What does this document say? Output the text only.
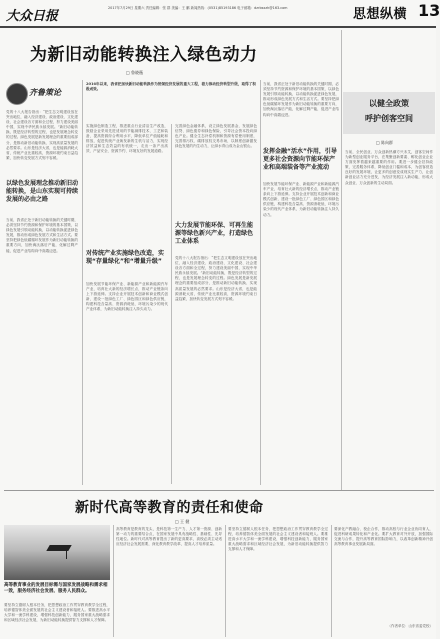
大众日报
2017年7月29日 星期六 责任编辑：张 群 美编：王 鹏 新闻热线：(0531)85193186 电子邮箱：dzrbsxzh@163.com	思想纵横 13
为新旧动能转换注入绿色动力
□ 鲁晓薇
齐鲁策论
党的十八大报告指出：“把生态文明建设放在突出地位，融入经济建设、政治建设、文化建设、社会建设各方面和全过程，努力建设美丽中国，实现中华民族永续发展。”新旧动能转换，既是经济转型的过程，也是发展理念转变的过程。绿色发展是新发展理念的重要组成部分，是推动新旧动能转换、实现高质量发展的必然要求。山东是经济大省，也是能源消耗大省，传统产业比重较高，资源环境约束日益趋紧，加快转变发展方式刻不容缓。
以绿色发展理念推动新旧动能转换，是山东实现可持续发展的必由之路
当前，我省正处于新旧动能转换的关键时期，必须坚持节约资源和保护环境的基本国策，以绿色发展引领动能转换，以动能转换促进绿色发展，推动形成绿色发展方式和生活方式。要坚持把绿色低碳循环发展作为新旧动能转换的重要方向，加快淘汰落后产能，化解过剩产能，促进产业结构向中高端迈进。
2016年以来，我省把加快新旧动能转换作为统领经济发展的重大工程，着力推动经济转型升级，取得了积极成效。
实施绿色制造工程，推进重点行业清洁生产改造，鼓励企业采用先进适用的节能减排技术、工艺和装备，提高资源综合利用水平，降低单位产值能耗和排放，促进传统产业焕发新的生机与活力，实现经济效益和生态效益的有机统一，走出一条产出高效、产品安全、资源节约、环境友好的发展道路。
对传统产业实施绿色改造，实现“存量绿化”和“增量升级”
加快发展节能环保产业、新能源产业和新能源汽车产业，培育壮大新的经济增长点，推动产业链条向上下游延伸。支持企业开展技术创新和商业模式创新，建设一批绿色工厂、绿色园区和绿色供应链，构建科技含量高、资源消耗低、环境污染少的现代产业体系，为新旧动能转换注入持久动力。
完善绿色金融体系，设立绿色发展基金，发展绿色信贷、绿色债券和绿色保险，引导社会资本投向绿色产业。健全生态补偿机制和资源有偿使用制度，完善排污权、碳排放权交易市场，以制度创新激发绿色发展的内生动力，让绿水青山成为金山银山。
大力发展节能环保、可再生能源等绿色新兴产业，打造绿色工业体系
党的十八大报告指出：“把生态文明建设放在突出地位，融入经济建设、政治建设、文化建设、社会建设各方面和全过程，努力建设美丽中国，实现中华民族永续发展。”新旧动能转换，既是经济转型的过程，也是发展理念转变的过程。绿色发展是新发展理念的重要组成部分，是推动新旧动能转换、实现高质量发展的必然要求。山东是经济大省，也是能源消耗大省，传统产业比重较高，资源环境约束日益趋紧，加快转变发展方式刻不容缓。
当前，我省正处于新旧动能转换的关键时期，必须坚持节约资源和保护环境的基本国策，以绿色发展引领动能转换，以动能转换促进绿色发展，推动形成绿色发展方式和生活方式。要坚持把绿色低碳循环发展作为新旧动能转换的重要方向，加快淘汰落后产能，化解过剩产能，促进产业结构向中高端迈进。
发挥金融“活水”作用，引导更多社会资源向节能环保产业和高端装备等产业流动
加快发展节能环保产业、新能源产业和新能源汽车产业，培育壮大新的经济增长点，推动产业链条向上下游延伸。支持企业开展技术创新和商业模式创新，建设一批绿色工厂、绿色园区和绿色供应链，构建科技含量高、资源消耗低、环境污染少的现代产业体系，为新旧动能转换注入持久动力。
以健全政策
呼护创客空间
□ 陈向群
当前，全民创业、万众创新热潮方兴未艾，创客空间作为新型创业服务平台，在集聚创新要素、孵化创业企业方面发挥着越来越重要的作用。要进一步健全扶持政策，完善服务体系，降低创业门槛和成本，为创客营造良好的发展环境，让更多的创意变成现实生产力，让创新创业活力充分迸发，为经济发展注入新动能，形成大众创业、万众创新的生动局面。
新时代高等教育的责任和使命
□ 王 健
高等教育事业的发展目标需与国家发展战略和需求相一致，服务经济社会发展、服务人民群众。
要坚持立德树人根本任务，把思想政治工作贯穿教育教学全过程，培养德智体美全面发展的社会主义建设者和接班人。要推进高水平大学和一流学科建设，增强科技创新能力，服务国家重大战略需求和区域经济社会发展，为新旧动能转换提供智力支撑和人才保障。
高等教育是教育的龙头，是科技第一生产力、人才第一资源、创新第一动力的重要结合点，在国家发展中具有战略性、基础性、先导性地位。新时代对高等教育提出了新的更高要求，高校必须主动适应经济社会发展需要，深化教育教学改革，提高人才培养质量。
要坚持立德树人根本任务，把思想政治工作贯穿教育教学全过程，培养德智体美全面发展的社会主义建设者和接班人。要推进高水平大学和一流学科建设，增强科技创新能力，服务国家重大战略需求和区域经济社会发展，为新旧动能转换提供智力支撑和人才保障。
要深化产教融合、校企合作，推动高校与行业企业协同育人，促进科研成果转化和产业化。要扩大教育对外开放，加强国际交流与合作，提升高等教育国际影响力，以改革创新精神开创高等教育事业发展新局面。
（作者单位：山东省委党校）
